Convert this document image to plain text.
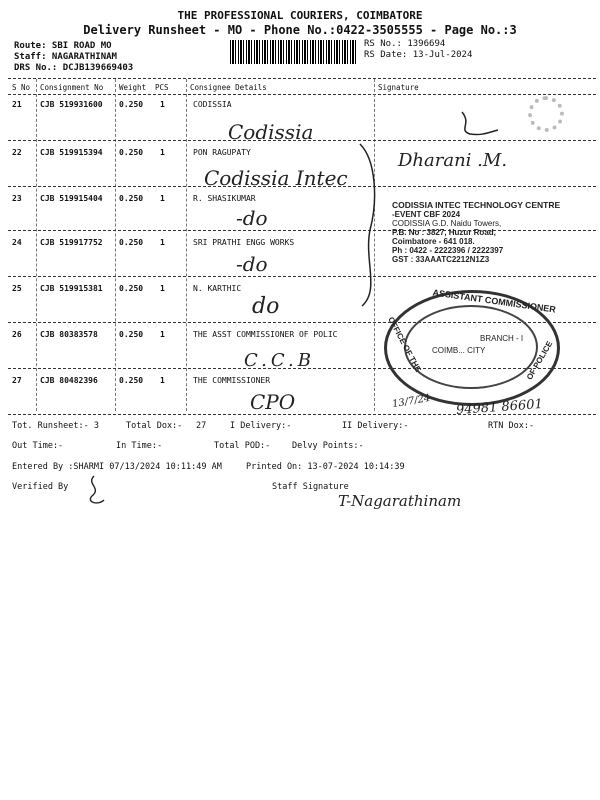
THE PROFESSIONAL COURIERS, COIMBATORE
Delivery Runsheet - MO - Phone No.:0422-3505555 - Page No.:3
Route: SBI ROAD MO
Staff: NAGARATHINAM
DRS No.: DCJB139669403
RS No.: 1396694
RS Date: 13-Jul-2024
S No Consignment No Weight PCS	Consignee Details	Signature
21 CJB 519931600 0.250 1	CODISSIA
Codissia
22 CJB 519915394 0.250 1	PON RAGUPATY
Codissia Intec
23 CJB 519915404 0.250 1	R. SHASIKUMAR
-do
24 CJB 519917752 0.250 1	SRI PRATHI ENGG WORKS
-do
25 CJB 519915381 0.250 1	N. KARTHIC
do
26 CJB 80383578	0.250 1	THE ASST COMMISSIONER OF POLIC
C.C.B
27 CJB 80482396	0.250 1	THE COMMISSIONER
CPO
Dharani .M.
CODISSIA INTEC TECHNOLOGY CENTRE
-EVENT CBF 2024
CODISSIA G.D. Naidu Towers,
P.B. No : 3827, Huzur Road,
Coimbatore - 641 018.
Ph : 0422 - 2222396 / 2222397
GST : 33AAATC2212N1Z3
ASSISTANT COMMISSIONER
OFFICE OF THE	OF POLICE
BRANCH - I
COIMB... CITY
13/7/24 94981 86601
Tot. Runsheet:- 3	Total Dox:- 27	I Delivery:-	II Delivery:-	RTN Dox:-
Out Time:-	In Time:-	Total POD:-	Delvy Points:-
Entered By :SHARMI 07/13/2024 10:11:49 AM	Printed On: 13-07-2024 10:14:39
Verified By	Staff Signature
T-Nagarathinam
